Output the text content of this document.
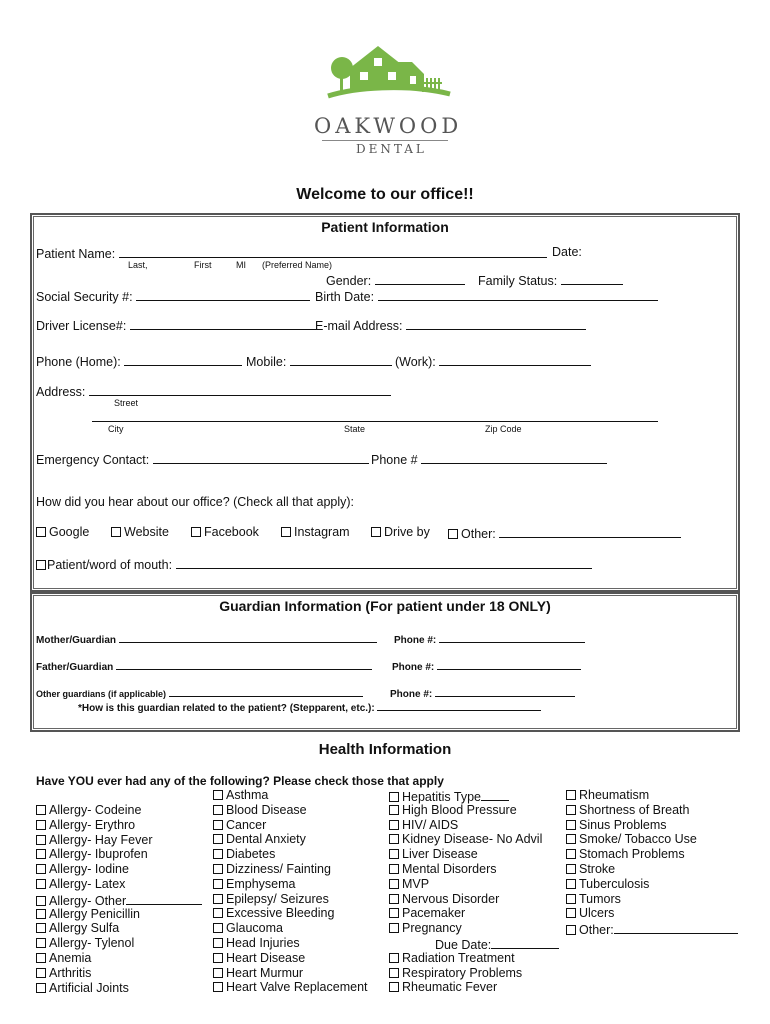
OAKWOOD
DENTAL
Welcome to our office!!
Patient Information
Patient Name:	Date:
Last,	First	MI (Preferred Name)
Gender:	Family Status:
Social Security #:	Birth Date:
Driver License#:	E-mail Address:
Phone (Home):	Mobile:	(Work):
Address:
Street
City	State	Zip Code
Emergency Contact:	Phone #
How did you hear about our office? (Check all that apply):
Google	Website	Facebook	Instagram	Drive by	Other:
Patient/word of mouth:
Guardian Information (For patient under 18 ONLY)
Mother/Guardian	Phone #:
Father/Guardian	Phone #:
Other guardians (if applicable)	Phone #:
*How is this guardian related to the patient? (Stepparent, etc.):
Health Information
Have YOU ever had any of the following? Please check those that apply
Allergy- Codeine
Allergy- Erythro
Allergy- Hay Fever
Allergy- Ibuprofen
Allergy- Iodine
Allergy- Latex
Allergy- Other
Allergy Penicillin
Allergy Sulfa
Allergy- Tylenol
Anemia
Arthritis
Artificial Joints
Asthma
Blood Disease
Cancer
Dental Anxiety
Diabetes
Dizziness/ Fainting
Emphysema
Epilepsy/ Seizures
Excessive Bleeding
Glaucoma
Head Injuries
Heart Disease
Heart Murmur
Heart Valve Replacement
Hepatitis Type
High Blood Pressure
HIV/ AIDS
Kidney Disease- No Advil
Liver Disease
Mental Disorders
MVP
Nervous Disorder
Pacemaker
Pregnancy
Due Date:
Radiation Treatment
Respiratory Problems
Rheumatic Fever
Rheumatism
Shortness of Breath
Sinus Problems
Smoke/ Tobacco Use
Stomach Problems
Stroke
Tuberculosis
Tumors
Ulcers
Other:
